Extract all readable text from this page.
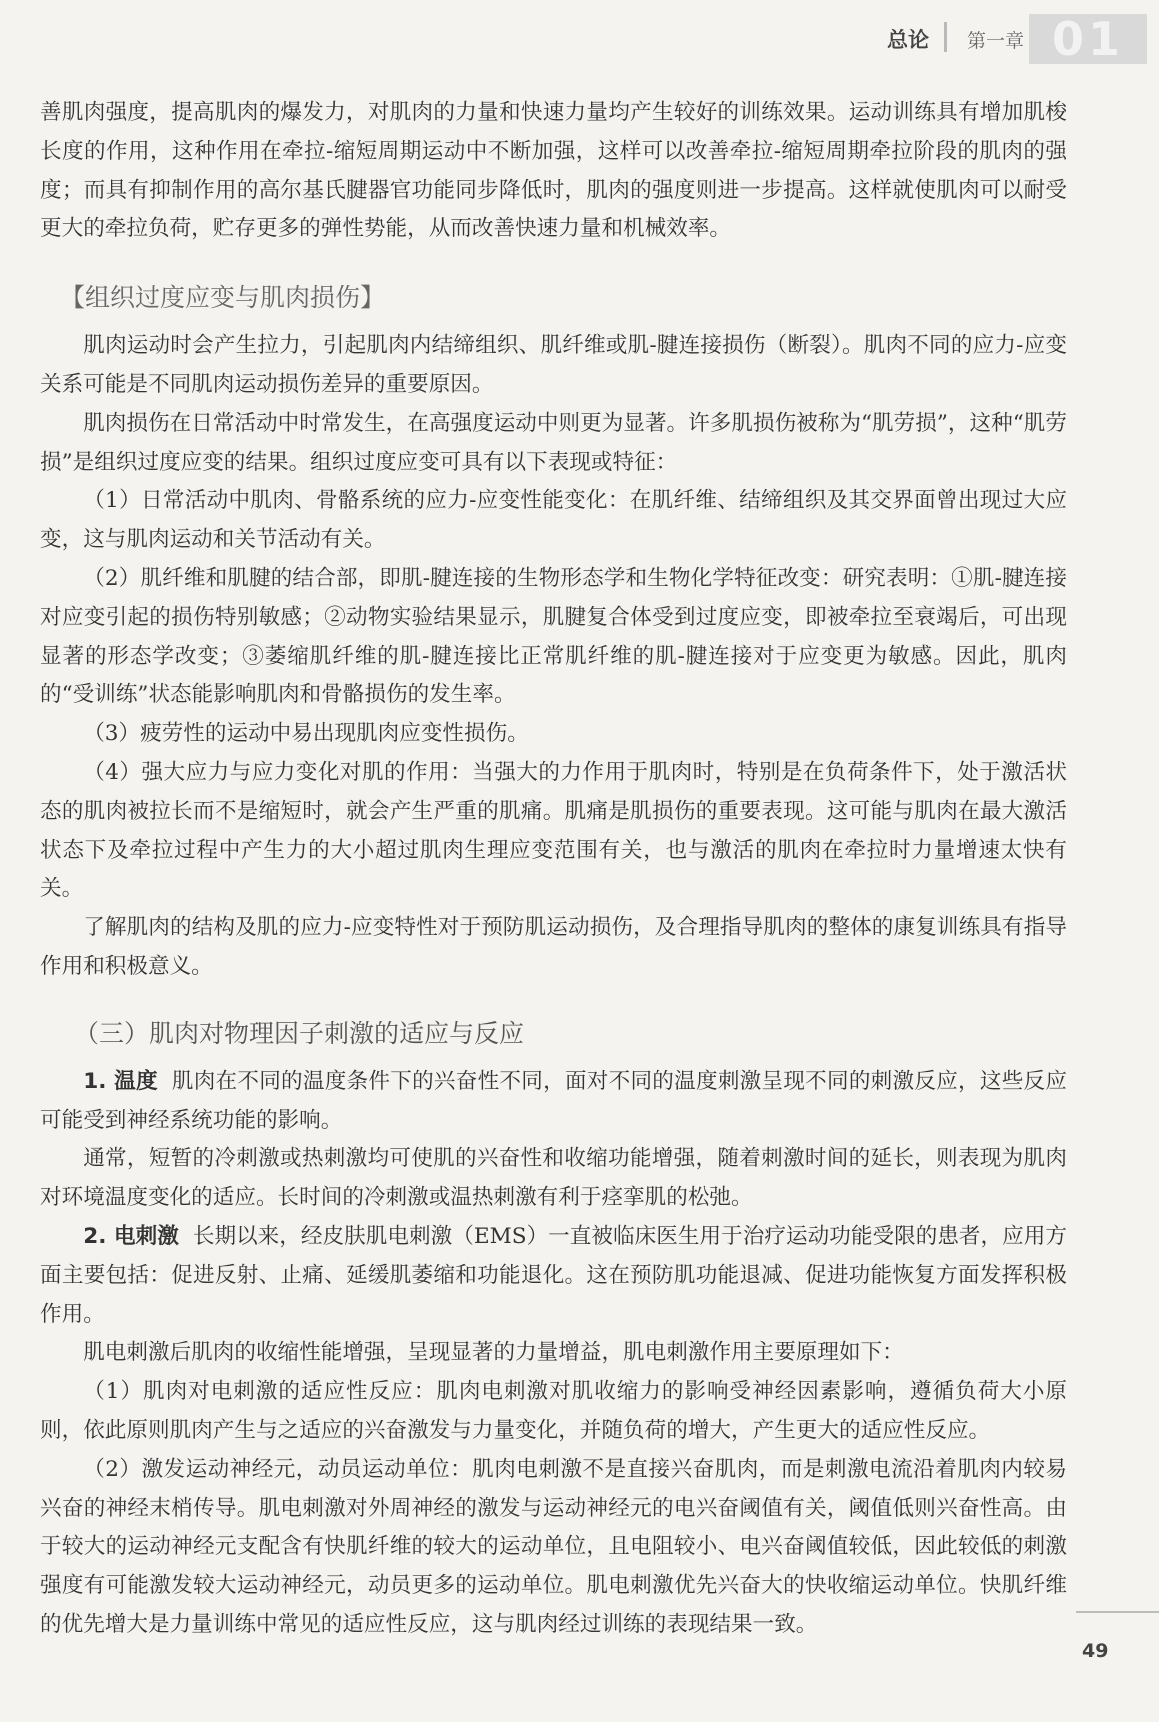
总论 第一章 01

善肌肉强度，提高肌肉的爆发力，对肌肉的力量和快速力量均产生较好的训练效果。运动训练具有增加肌梭长度的作用，这种作用在牵拉-缩短周期运动中不断加强，这样可以改善牵拉-缩短周期牵拉阶段的肌肉的强度；而具有抑制作用的高尔基氏腱器官功能同步降低时，肌肉的强度则进一步提高。这样就使肌肉可以耐受更大的牵拉负荷，贮存更多的弹性势能，从而改善快速力量和机械效率。

【组织过度应变与肌肉损伤】

肌肉运动时会产生拉力，引起肌肉内结缔组织、肌纤维或肌-腱连接损伤（断裂）。肌肉不同的应力-应变关系可能是不同肌肉运动损伤差异的重要原因。

肌肉损伤在日常活动中时常发生，在高强度运动中则更为显著。许多肌损伤被称为“肌劳损”，这种“肌劳损”是组织过度应变的结果。组织过度应变可具有以下表现或特征：

（1）日常活动中肌肉、骨骼系统的应力-应变性能变化：在肌纤维、结缔组织及其交界面曾出现过大应变，这与肌肉运动和关节活动有关。

（2）肌纤维和肌腱的结合部，即肌-腱连接的生物形态学和生物化学特征改变：研究表明：①肌-腱连接对应变引起的损伤特别敏感；②动物实验结果显示，肌腱复合体受到过度应变，即被牵拉至衰竭后，可出现显著的形态学改变；③萎缩肌纤维的肌-腱连接比正常肌纤维的肌-腱连接对于应变更为敏感。因此，肌肉的“受训练”状态能影响肌肉和骨骼损伤的发生率。

（3）疲劳性的运动中易出现肌肉应变性损伤。

（4）强大应力与应力变化对肌的作用：当强大的力作用于肌肉时，特别是在负荷条件下，处于激活状态的肌肉被拉长而不是缩短时，就会产生严重的肌痛。肌痛是肌损伤的重要表现。这可能与肌肉在最大激活状态下及牵拉过程中产生力的大小超过肌肉生理应变范围有关，也与激活的肌肉在牵拉时力量增速太快有关。

了解肌肉的结构及肌的应力-应变特性对于预防肌运动损伤，及合理指导肌肉的整体的康复训练具有指导作用和积极意义。

（三）肌肉对物理因子刺激的适应与反应

1. 温度 肌肉在不同的温度条件下的兴奋性不同，面对不同的温度刺激呈现不同的刺激反应，这些反应可能受到神经系统功能的影响。

通常，短暂的冷刺激或热刺激均可使肌的兴奋性和收缩功能增强，随着刺激时间的延长，则表现为肌肉对环境温度变化的适应。长时间的冷刺激或温热刺激有利于痉挛肌的松弛。

2. 电刺激 长期以来，经皮肤肌电刺激（EMS）一直被临床医生用于治疗运动功能受限的患者，应用方面主要包括：促进反射、止痛、延缓肌萎缩和功能退化。这在预防肌功能退减、促进功能恢复方面发挥积极作用。

肌电刺激后肌肉的收缩性能增强，呈现显著的力量增益，肌电刺激作用主要原理如下：

（1）肌肉对电刺激的适应性反应：肌肉电刺激对肌收缩力的影响受神经因素影响，遵循负荷大小原则，依此原则肌肉产生与之适应的兴奋激发与力量变化，并随负荷的增大，产生更大的适应性反应。

（2）激发运动神经元，动员运动单位：肌肉电刺激不是直接兴奋肌肉，而是刺激电流沿着肌肉内较易兴奋的神经末梢传导。肌电刺激对外周神经的激发与运动神经元的电兴奋阈值有关，阈值低则兴奋性高。由于较大的运动神经元支配含有快肌纤维的较大的运动单位，且电阻较小、电兴奋阈值较低，因此较低的刺激强度有可能激发较大运动神经元，动员更多的运动单位。肌电刺激优先兴奋大的快收缩运动单位。快肌纤维的优先增大是力量训练中常见的适应性反应，这与肌肉经过训练的表现结果一致。

49
